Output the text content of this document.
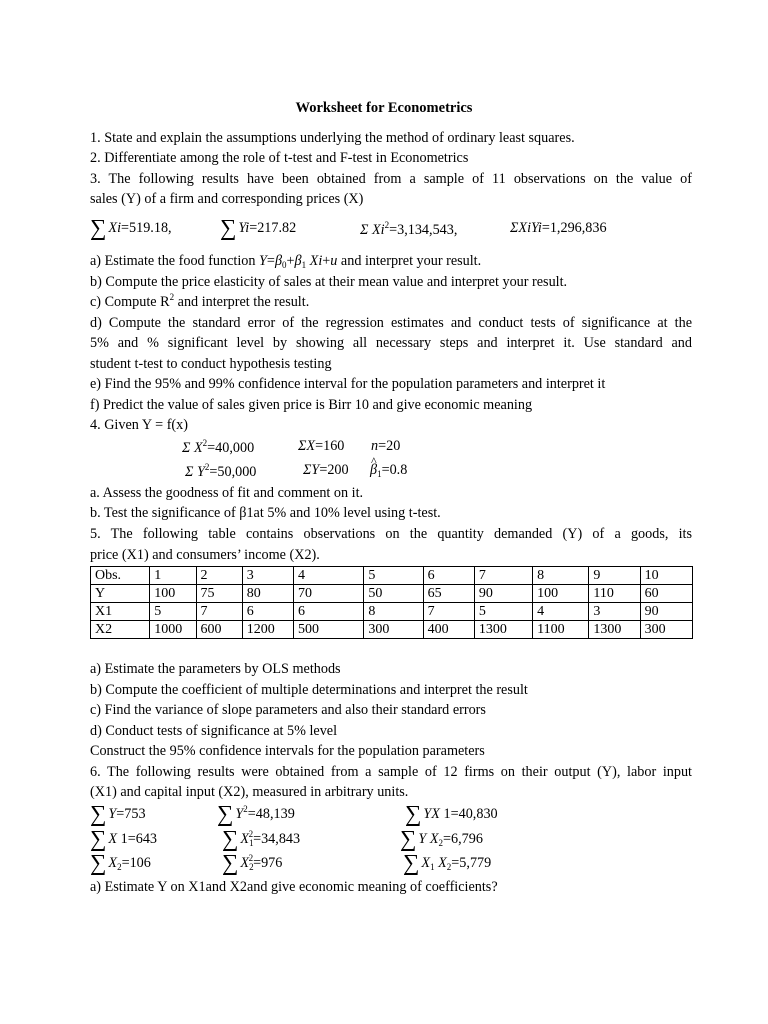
Worksheet for Econometrics
1. State and explain the assumptions underlying the method of ordinary least squares.
2. Differentiate among the role of t-test and F-test in Econometrics
3. The following results have been obtained from a sample of 11 observations on the value of
sales (Y) of a firm and corresponding prices (X)
∑ Xi=519.18, ∑ Yi=217.82	Σ $Xi^2=3,134,543$,	ΣXiYi=1,296,836
a) Estimate the food function $Y=\beta_0+\beta_1$ Xi+u and interpret your result.
b) Compute the price elasticity of sales at their mean value and interpret your result.
c) Compute $R^2$ and interpret the result.
d) Compute the standard error of the regression estimates and conduct tests of significance at the
5% and % significant level by showing all necessary steps and interpret it. Use standard and
student t-test to conduct hypothesis testing
e) Find the 95% and 99% confidence interval for the population parameters and interpret it
f) Predict the value of sales given price is Birr 10 and give economic meaning
4. Given Y = f(x)
Σ $X^2=40,000$	ΣX=160 n=20
Σ $Y^2=50,000$	ΣY=200 ^ $\beta_1=0.8$
a. Assess the goodness of fit and comment on it.
b. Test the significance of β1at 5% and 10% level using t-test.
5. The following table contains observations on the quantity demanded (Y) of a goods, its
price (X1) and consumers’ income (X2).
Obs.	1	2	3	4	5	6	7	8	9	10
Y	100	75	80	70	50	65	90	100	110	60
X1	5	7	6	6	8	7	5	4	3	90
X2	1000	600	1200	500	300	400	1300	1100	1300	300
a) Estimate the parameters by OLS methods
b) Compute the coefficient of multiple determinations and interpret the result
c) Find the variance of slope parameters and also their standard errors
d) Conduct tests of significance at 5% level
Construct the 95% confidence intervals for the population parameters
6. The following results were obtained from a sample of 12 firms on their output (Y), labor input
(X1) and capital input (X2), measured in arbitrary units.
∑ Y=753	∑ $Y^2=48,139$	∑ YX 1=40,830
∑ X 1=643	∑ $X_1^2=34,843$	∑ Y $X_2=6,796$
∑ $X_2=106$	∑ $X_2^2=976$	∑ $X_1$ $X_2=5,779$
a) Estimate Y on X1and X2and give economic meaning of coefficients?
